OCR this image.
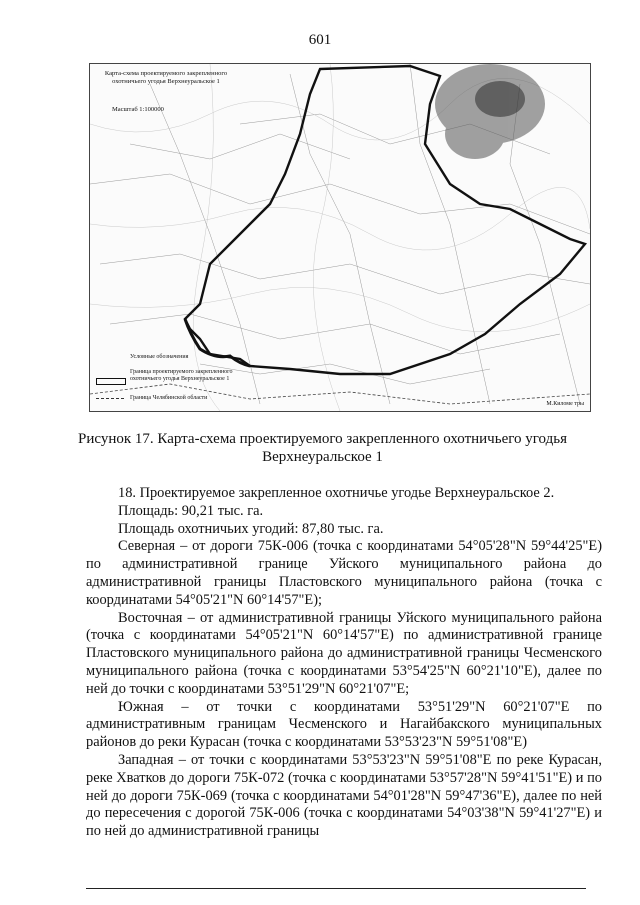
601
Карта-схема проектируемого закрепленного охотничьего угодья Верхнеуральское 1
Масштаб 1:100000
Условные обозначения
Граница проектируемого закрепленного охотничьего угодья Верхнеуральское 1
Граница Челябинской области
М.Киломе тры
Рисунок 17. Карта-схема проектируемого закрепленного охотничьего угодья
Верхнеуральское 1

18. Проектируемое закрепленное охотничье угодье Верхнеуральское 2.

Площадь: 90,21 тыс. га.

Площадь охотничьих угодий: 87,80 тыс. га.

Северная – от дороги 75К-006 (точка с координатами 54°05'28"N 59°44'25"E) по административной границе Уйского муниципального района до административной границы Пластовского муниципального района (точка с координатами 54°05'21"N 60°14'57"E);

Восточная – от административной границы Уйского муниципального района (точка с координатами 54°05'21"N 60°14'57"E) по административной границе Пластовского муниципального района до административной границы Чесменского муниципального района (точка с координатами 53°54'25"N 60°21'10"E), далее по ней до точки с координатами 53°51'29"N 60°21'07"E;

Южная – от точки с координатами 53°51'29"N 60°21'07"E по административным границам Чесменского и Нагайбакского муниципальных районов до реки Курасан (точка с координатами 53°53'23"N 59°51'08"E)

Западная – от точки с координатами 53°53'23"N 59°51'08"E по реке Курасан, реке Хватков до дороги 75К-072 (точка с координатами 53°57'28"N 59°41'51"E) и по ней до дороги 75К-069 (точка с координатами 54°01'28"N 59°47'36"E), далее по ней до пересечения с дорогой 75К-006 (точка с координатами 54°03'38"N 59°41'27"E) и по ней до административной границы
